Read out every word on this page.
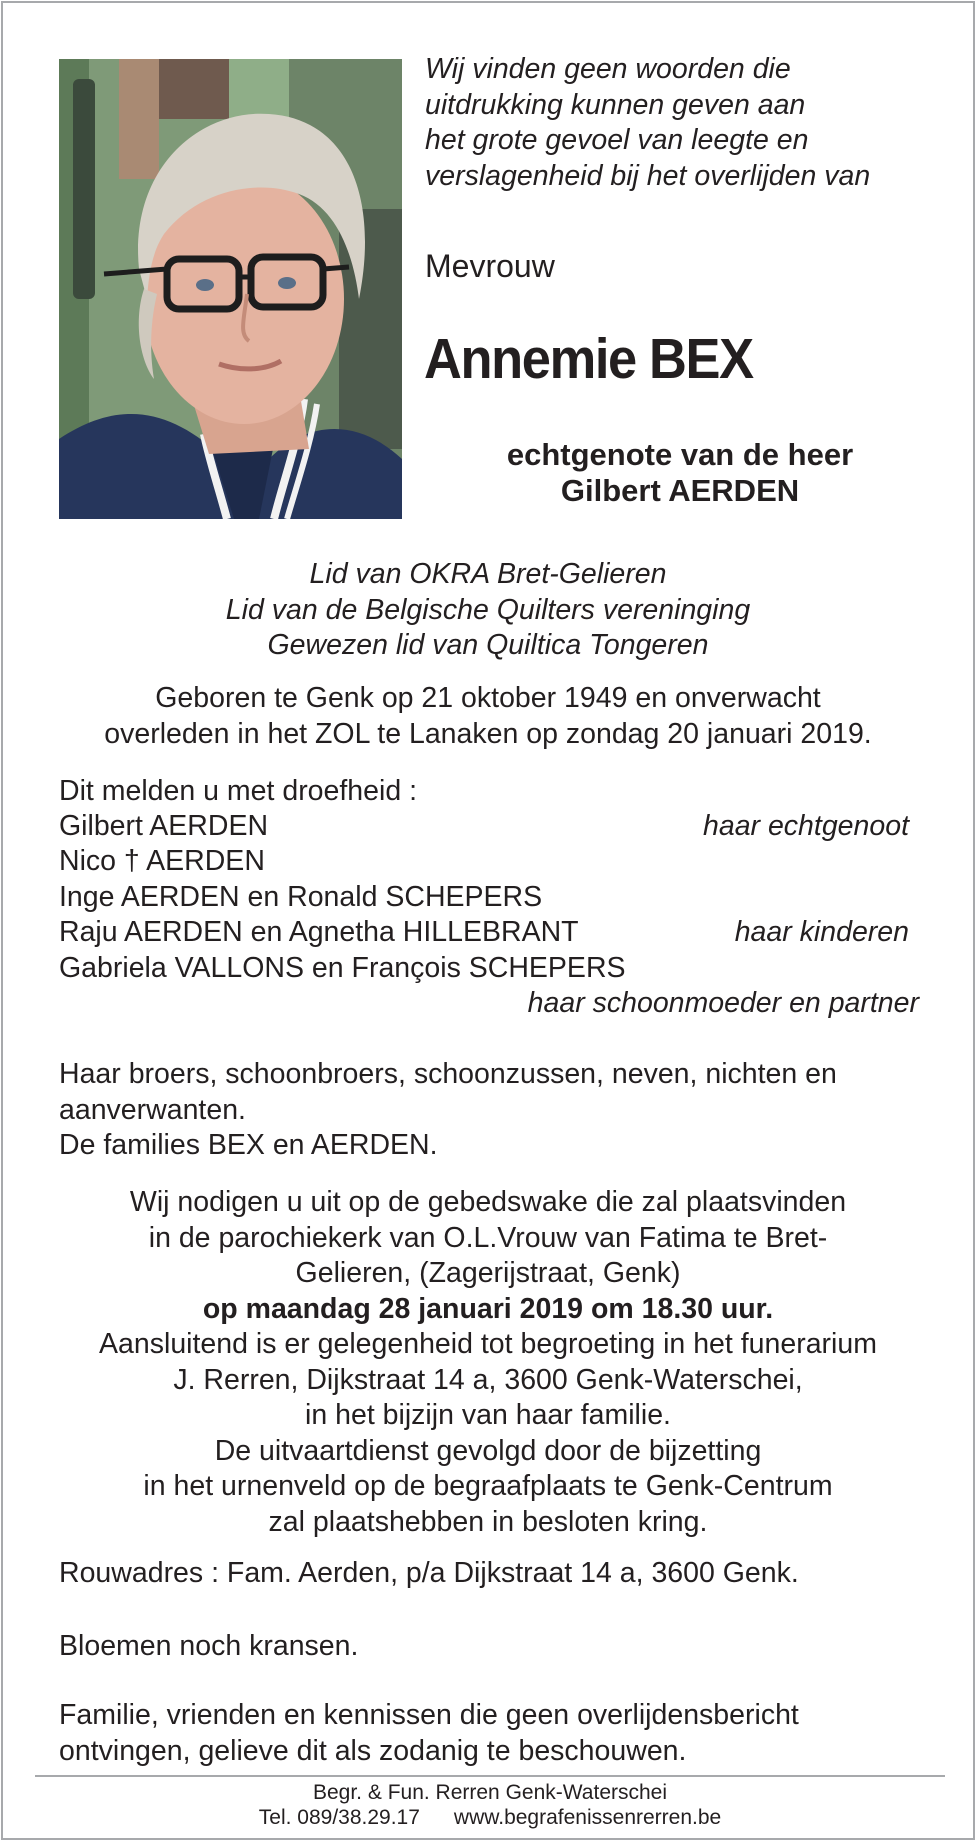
Wij vinden geen woorden die
uitdrukking kunnen geven aan
het grote gevoel van leegte en
verslagenheid bij het overlijden van
Mevrouw
Annemie BEX
echtgenote van de heer
Gilbert AERDEN
Lid van OKRA Bret-Gelieren
Lid van de Belgische Quilters vereninging
Gewezen lid van Quiltica Tongeren
Geboren te Genk op 21 oktober 1949 en onverwacht
overleden in het ZOL te Lanaken op zondag 20 januari 2019.
Dit melden u met droefheid :
Gilbert AERDEN	haar echtgenoot
Nico † AERDEN
Inge AERDEN en Ronald SCHEPERS
Raju AERDEN en Agnetha HILLEBRANT	haar kinderen
Gabriela VALLONS en François SCHEPERS
haar schoonmoeder en partner
Haar broers, schoonbroers, schoonzussen, neven, nichten en
aanverwanten.
De families BEX en AERDEN.
Wij nodigen u uit op de gebedswake die zal plaatsvinden
in de parochiekerk van O.L.Vrouw van Fatima te Bret-
Gelieren, (Zagerijstraat, Genk)
op maandag 28 januari 2019 om 18.30 uur.
Aansluitend is er gelegenheid tot begroeting in het funerarium
J. Rerren, Dijkstraat 14 a, 3600 Genk-Waterschei,
in het bijzijn van haar familie.
De uitvaartdienst gevolgd door de bijzetting
in het urnenveld op de begraafplaats te Genk-Centrum
zal plaatshebben in besloten kring.
Rouwadres : Fam. Aerden, p/a Dijkstraat 14 a, 3600 Genk.
Bloemen noch kransen.
Familie, vrienden en kennissen die geen overlijdensbericht
ontvingen, gelieve dit als zodanig te beschouwen.
Begr. & Fun. Rerren Genk-Waterschei
Tel. 089/38.29.17 www.begrafenissenrerren.be
